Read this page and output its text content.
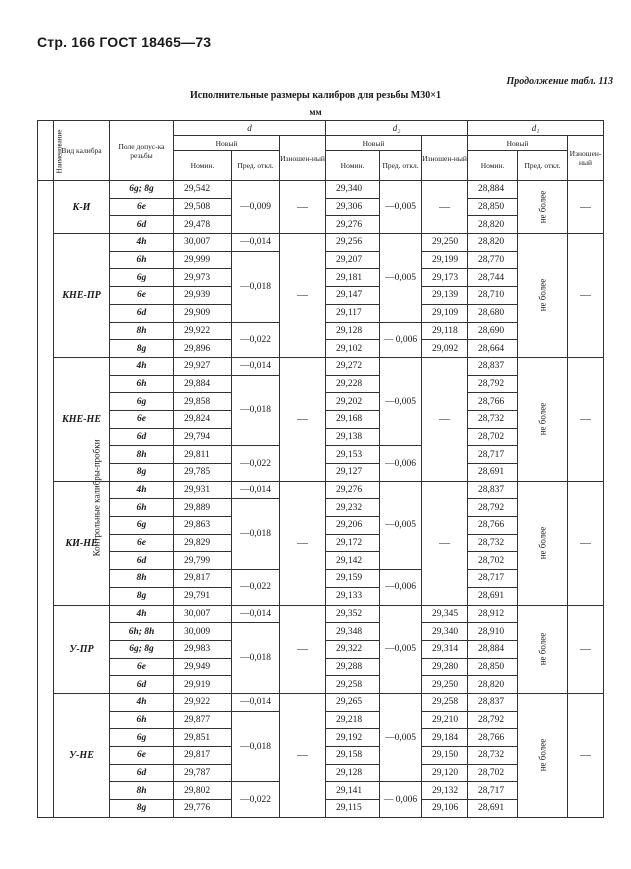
Стр. 166 ГОСТ 18465—73
Продолжение табл. 113
Исполнительные размеры калибров для резьбы М30×1
мм
Наименование	Вид калибра	Поле допус-ка резьбы	d			d₂			d₁		
			Новый		Изношен-ный	Новый		Изношен-ный	Новый		Изношен-ный
			Номин.	Пред. откл.		Номин.	Пред. откл.		Номин.	Пред. откл.	
Контрольные калибры-пробки	К-И	6g; 8g	29,542	—0,009	—	29,340	—0,005	—	28,884	не более	—
		6e	29,508			29,306			28,850		
		6d	29,478			29,276			28,820		
	КНЕ-ПР	4h	30,007	—0,014	—	29,256	—0,005	29,250	28,820	не более	—
		6h	29,999	—0,018		29,207		29,199	28,770		
		6g	29,973			29,181		29,173	28,744		
		6e	29,939			29,147		29,139	28,710		
		6d	29,909			29,117		29,109	28,680		
		8h	29,922	—0,022		29,128	— 0,006	29,118	28,690		
		8g	29,896			29,102		29,092	28,664		
	КНЕ-НЕ	4h	29,927	—0,014	—	29,272	—0,005	—	28,837	не более	—
		6h	29,884	—0,018		29,228			28,792		
		6g	29,858			29,202			28,766		
		6e	29,824			29,168			28,732		
		6d	29,794			29,138			28,702		
		8h	29,811	—0,022		29,153	—0,006		28,717		
		8g	29,785			29,127			28,691		
	КИ-НЕ	4h	29,931	—0,014	—	29,276	—0,005	—	28,837	не более	—
		6h	29,889	—0,018		29,232			28,792		
		6g	29,863			29,206			28,766		
		6e	29,829			29,172			28,732		
		6d	29,799			29,142			28,702		
		8h	29,817	—0,022		29,159	—0,006		28,717		
		8g	29,791			29,133			28,691		
	У-ПР	4h	30,007	—0,014	—	29,352	—0,005	29,345	28,912	не более	—
		6h; 8h	30,009	—0,018		29,348		29,340	28,910		
		6g; 8g	29,983			29,322		29,314	28,884		
		6e	29,949			29,288		29,280	28,850		
		6d	29,919			29,258		29,250	28,820		
	У-НЕ	4h	29,922	—0,014	—	29,265	—0,005	29,258	28,837	не более	—
		6h	29,877	—0,018		29,218		29,210	28,792		
		6g	29,851			29,192		29,184	28,766		
		6e	29,817			29,158		29,150	28,732		
		6d	29,787			29,128		29,120	28,702		
		8h	29,802	—0,022		29,141	— 0,006	29,132	28,717		
		8g	29,776			29,115		29,106	28,691		
